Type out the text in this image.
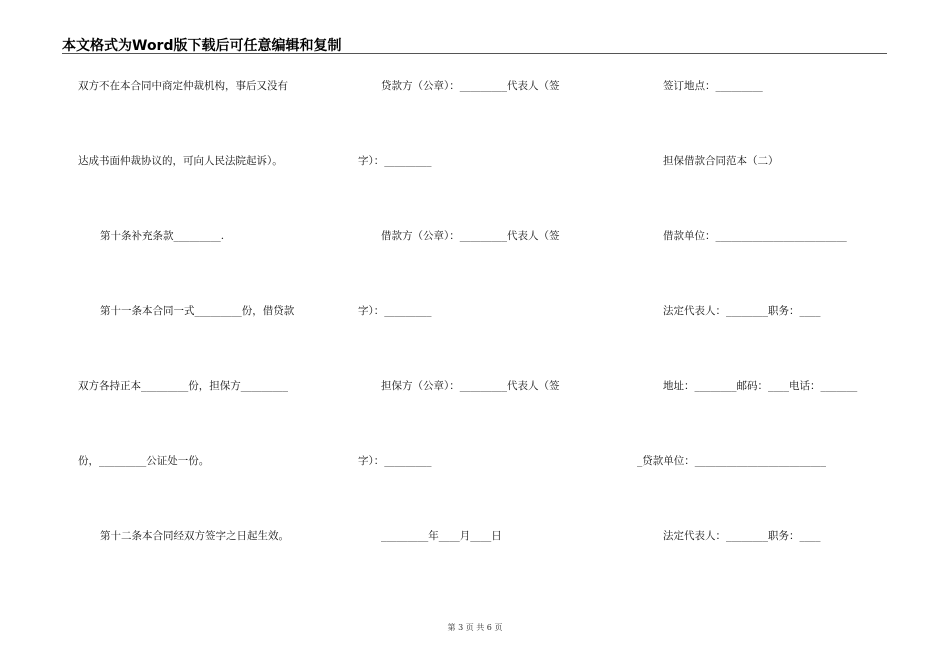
本文格式为Word版下载后可任意编辑和复制
双方不在本合同中商定仲裁机构，事后又没有
达成书面仲裁协议的，可向人民法院起诉）。
第十条补充条款_________.
第十一条本合同一式_________份，借贷款
双方各持正本_________份，担保方_________
份，_________公证处一份。
第十二条本合同经双方签字之日起生效。
贷款方（公章）：_________代表人（签
字）：_________
借款方（公章）：_________代表人（签
字）：_________
担保方（公章）：_________代表人（签
字）：_________
_________年____月____日
签订地点：_________
担保借款合同范本（二）
借款单位：_________________________
法定代表人：________职务：____
地址：________邮码：____电话：_______
_贷款单位：_________________________
法定代表人：________职务：____
第 3 页 共 6 页
